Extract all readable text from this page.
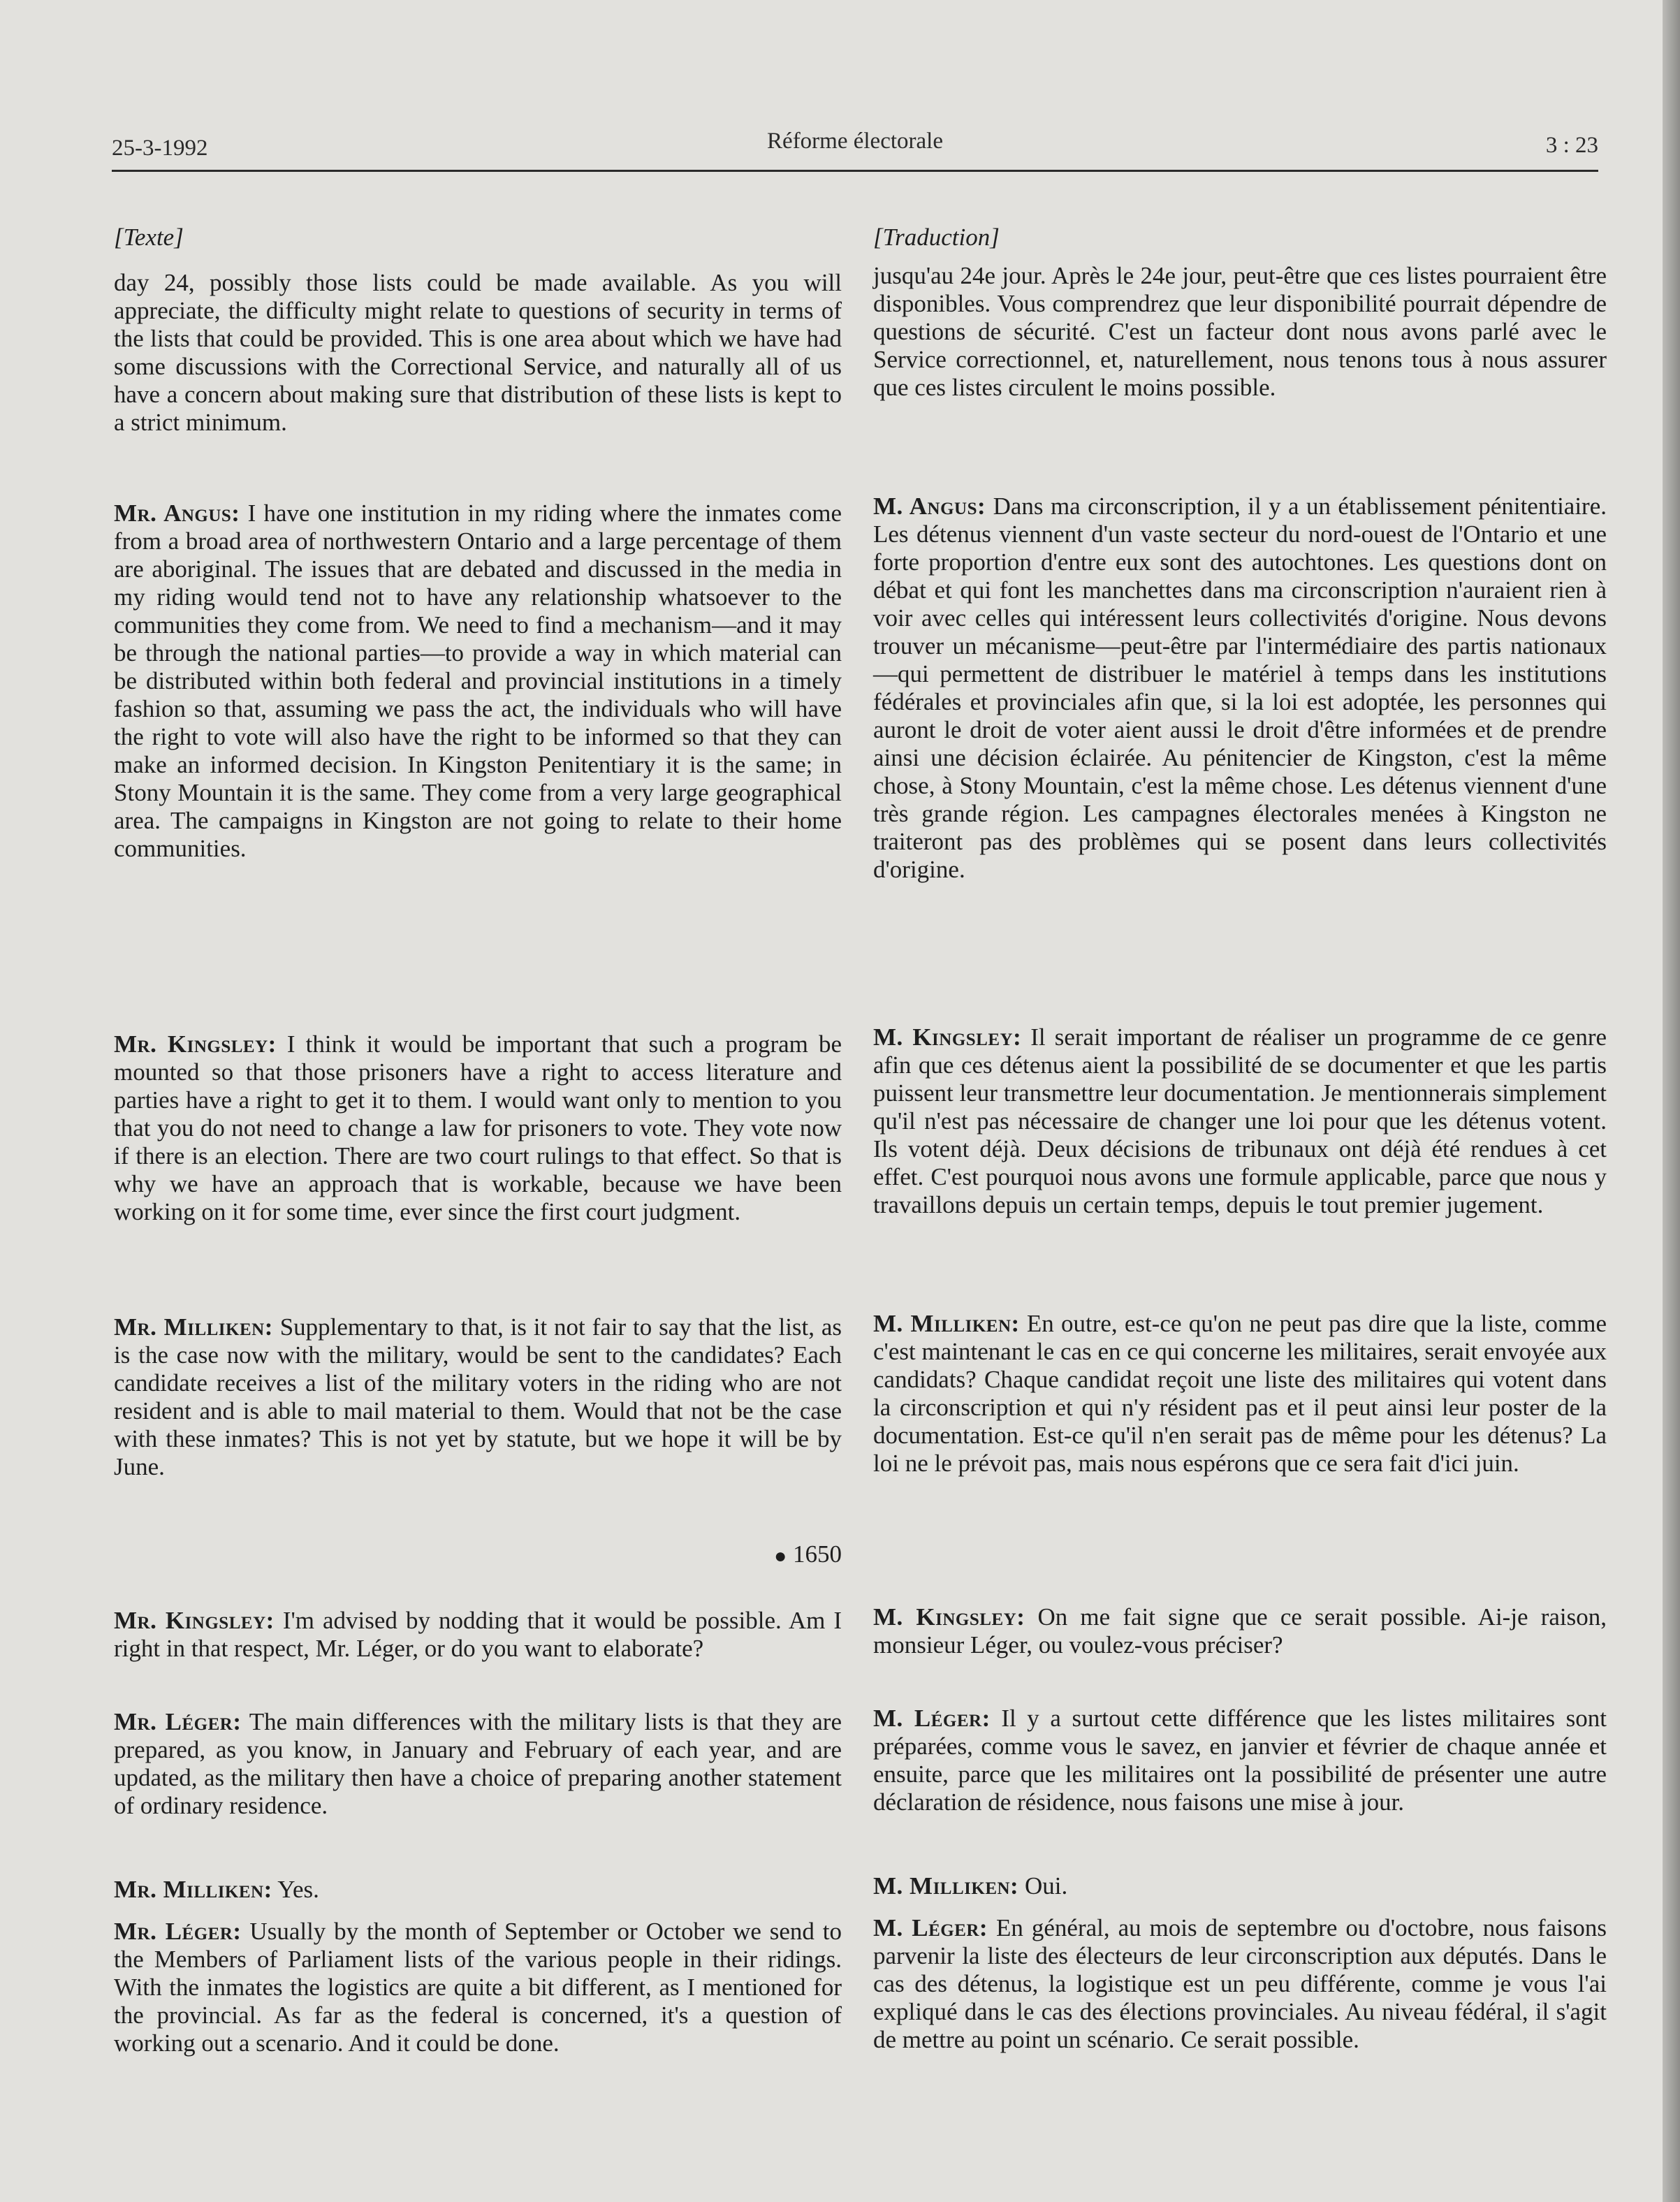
25-3-1992	Réforme électorale	3 : 23

[Texte]

day 24, possibly those lists could be made available. As you will appreciate, the difficulty might relate to questions of security in terms of the lists that could be provided. This is one area about which we have had some discussions with the Correctional Service, and naturally all of us have a concern about making sure that distribution of these lists is kept to a strict minimum.

Mr. Angus: I have one institution in my riding where the inmates come from a broad area of northwestern Ontario and a large percentage of them are aboriginal. The issues that are debated and discussed in the media in my riding would tend not to have any relationship whatsoever to the communities they come from. We need to find a mechanism—and it may be through the national parties—to provide a way in which material can be distributed within both federal and provincial institutions in a timely fashion so that, assuming we pass the act, the individuals who will have the right to vote will also have the right to be informed so that they can make an informed decision. In Kingston Penitentiary it is the same; in Stony Mountain it is the same. They come from a very large geographical area. The campaigns in Kingston are not going to relate to their home communities.

Mr. Kingsley: I think it would be important that such a program be mounted so that those prisoners have a right to access literature and parties have a right to get it to them. I would want only to mention to you that you do not need to change a law for prisoners to vote. They vote now if there is an election. There are two court rulings to that effect. So that is why we have an approach that is workable, because we have been working on it for some time, ever since the first court judgment.

Mr. Milliken: Supplementary to that, is it not fair to say that the list, as is the case now with the military, would be sent to the candidates? Each candidate receives a list of the military voters in the riding who are not resident and is able to mail material to them. Would that not be the case with these inmates? This is not yet by statute, but we hope it will be by June.

● 1650

Mr. Kingsley: I'm advised by nodding that it would be possible. Am I right in that respect, Mr. Léger, or do you want to elaborate?

Mr. Léger: The main differences with the military lists is that they are prepared, as you know, in January and February of each year, and are updated, as the military then have a choice of preparing another statement of ordinary residence.

Mr. Milliken: Yes.

Mr. Léger: Usually by the month of September or October we send to the Members of Parliament lists of the various people in their ridings. With the inmates the logistics are quite a bit different, as I mentioned for the provincial. As far as the federal is concerned, it's a question of working out a scenario. And it could be done.

[Traduction]

jusqu'au 24e jour. Après le 24e jour, peut-être que ces listes pourraient être disponibles. Vous comprendrez que leur disponibilité pourrait dépendre de questions de sécurité. C'est un facteur dont nous avons parlé avec le Service correctionnel, et, naturellement, nous tenons tous à nous assurer que ces listes circulent le moins possible.

M. Angus: Dans ma circonscription, il y a un établissement pénitentiaire. Les détenus viennent d'un vaste secteur du nord-ouest de l'Ontario et une forte proportion d'entre eux sont des autochtones. Les questions dont on débat et qui font les manchettes dans ma circonscription n'auraient rien à voir avec celles qui intéressent leurs collectivités d'origine. Nous devons trouver un mécanisme—peut-être par l'intermédiaire des partis nationaux—qui permettent de distribuer le matériel à temps dans les institutions fédérales et provinciales afin que, si la loi est adoptée, les personnes qui auront le droit de voter aient aussi le droit d'être informées et de prendre ainsi une décision éclairée. Au pénitencier de Kingston, c'est la même chose, à Stony Mountain, c'est la même chose. Les détenus viennent d'une très grande région. Les campagnes électorales menées à Kingston ne traiteront pas des problèmes qui se posent dans leurs collectivités d'origine.

M. Kingsley: Il serait important de réaliser un programme de ce genre afin que ces détenus aient la possibilité de se documenter et que les partis puissent leur transmettre leur documentation. Je mentionnerais simplement qu'il n'est pas nécessaire de changer une loi pour que les détenus votent. Ils votent déjà. Deux décisions de tribunaux ont déjà été rendues à cet effet. C'est pourquoi nous avons une formule applicable, parce que nous y travaillons depuis un certain temps, depuis le tout premier jugement.

M. Milliken: En outre, est-ce qu'on ne peut pas dire que la liste, comme c'est maintenant le cas en ce qui concerne les militaires, serait envoyée aux candidats? Chaque candidat reçoit une liste des militaires qui votent dans la circonscription et qui n'y résident pas et il peut ainsi leur poster de la documentation. Est-ce qu'il n'en serait pas de même pour les détenus? La loi ne le prévoit pas, mais nous espérons que ce sera fait d'ici juin.

M. Kingsley: On me fait signe que ce serait possible. Ai-je raison, monsieur Léger, ou voulez-vous préciser?

M. Léger: Il y a surtout cette différence que les listes militaires sont préparées, comme vous le savez, en janvier et février de chaque année et ensuite, parce que les militaires ont la possibilité de présenter une autre déclaration de résidence, nous faisons une mise à jour.

M. Milliken: Oui.

M. Léger: En général, au mois de septembre ou d'octobre, nous faisons parvenir la liste des électeurs de leur circonscription aux députés. Dans le cas des détenus, la logistique est un peu différente, comme je vous l'ai expliqué dans le cas des élections provinciales. Au niveau fédéral, il s'agit de mettre au point un scénario. Ce serait possible.
